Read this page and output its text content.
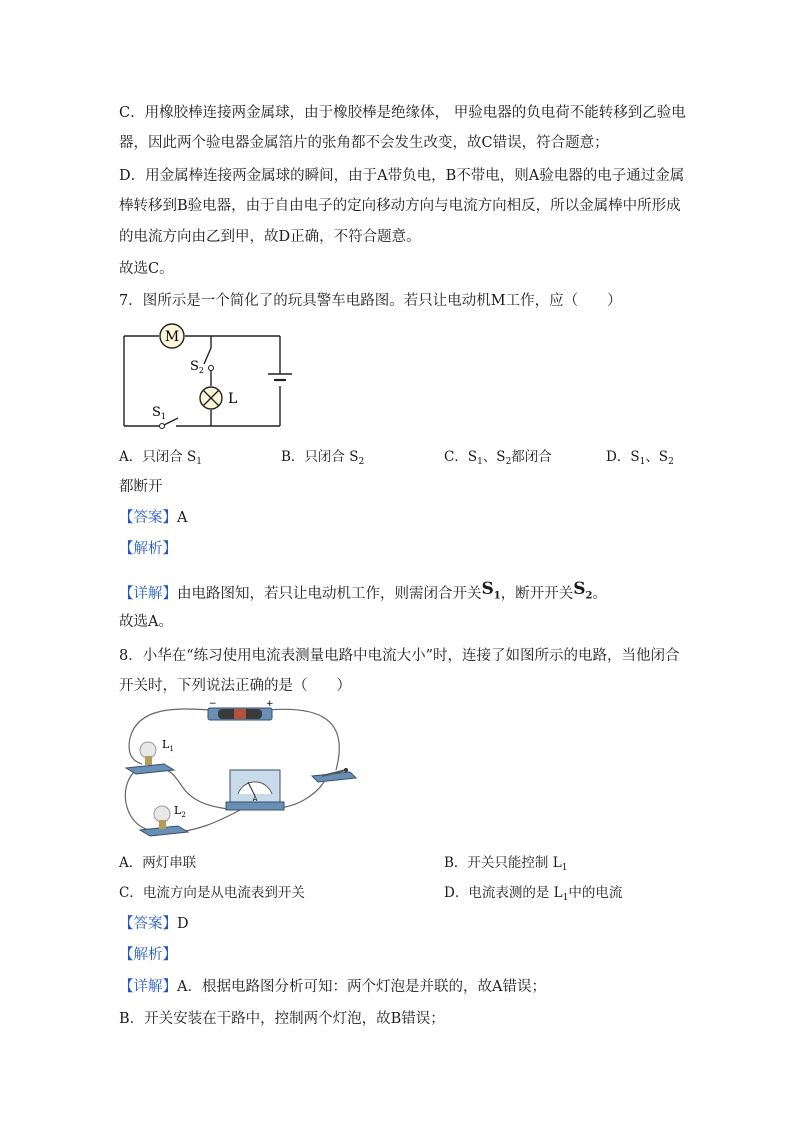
C．用橡胶棒连接两金属球，由于橡胶棒是绝缘体， 甲验电器的负电荷不能转移到乙验电
器，因此两个验电器金属箔片的张角都不会发生改变，故C错误，符合题意；
D．用金属棒连接两金属球的瞬间，由于A带负电，B不带电，则A验电器的电子通过金属
棒转移到B验电器，由于自由电子的定向移动方向与电流方向相反，所以金属棒中所形成
的电流方向由乙到甲，故D正确，不符合题意。
故选C。
7．图所示是一个简化了的玩具警车电路图。若只让电动机M工作，应（　　）
M
$S_2$
L
$S_1$
A．只闭合 $S_1$	B．只闭合 $S_2$	C．$S_1$、$S_2$都闭合	D．$S_1$、$S_2$
都断开
【答案】A
【解析】
【详解】由电路图知，若只让电动机工作，则需闭合开关$S_1$，断开开关$S_2$。
故选A。
8．小华在“练习使用电流表测量电路中电流大小”时，连接了如图所示的电路，当他闭合
开关时，下列说法正确的是（　　）
−	+
$L_1$
$L_2$
A
A．两灯串联	B．开关只能控制 $L_1$
C．电流方向是从电流表到开关	D．电流表测的是 $L_1$中的电流
【答案】D
【解析】
【详解】A．根据电路图分析可知：两个灯泡是并联的，故A错误；
B．开关安装在干路中，控制两个灯泡，故B错误；
